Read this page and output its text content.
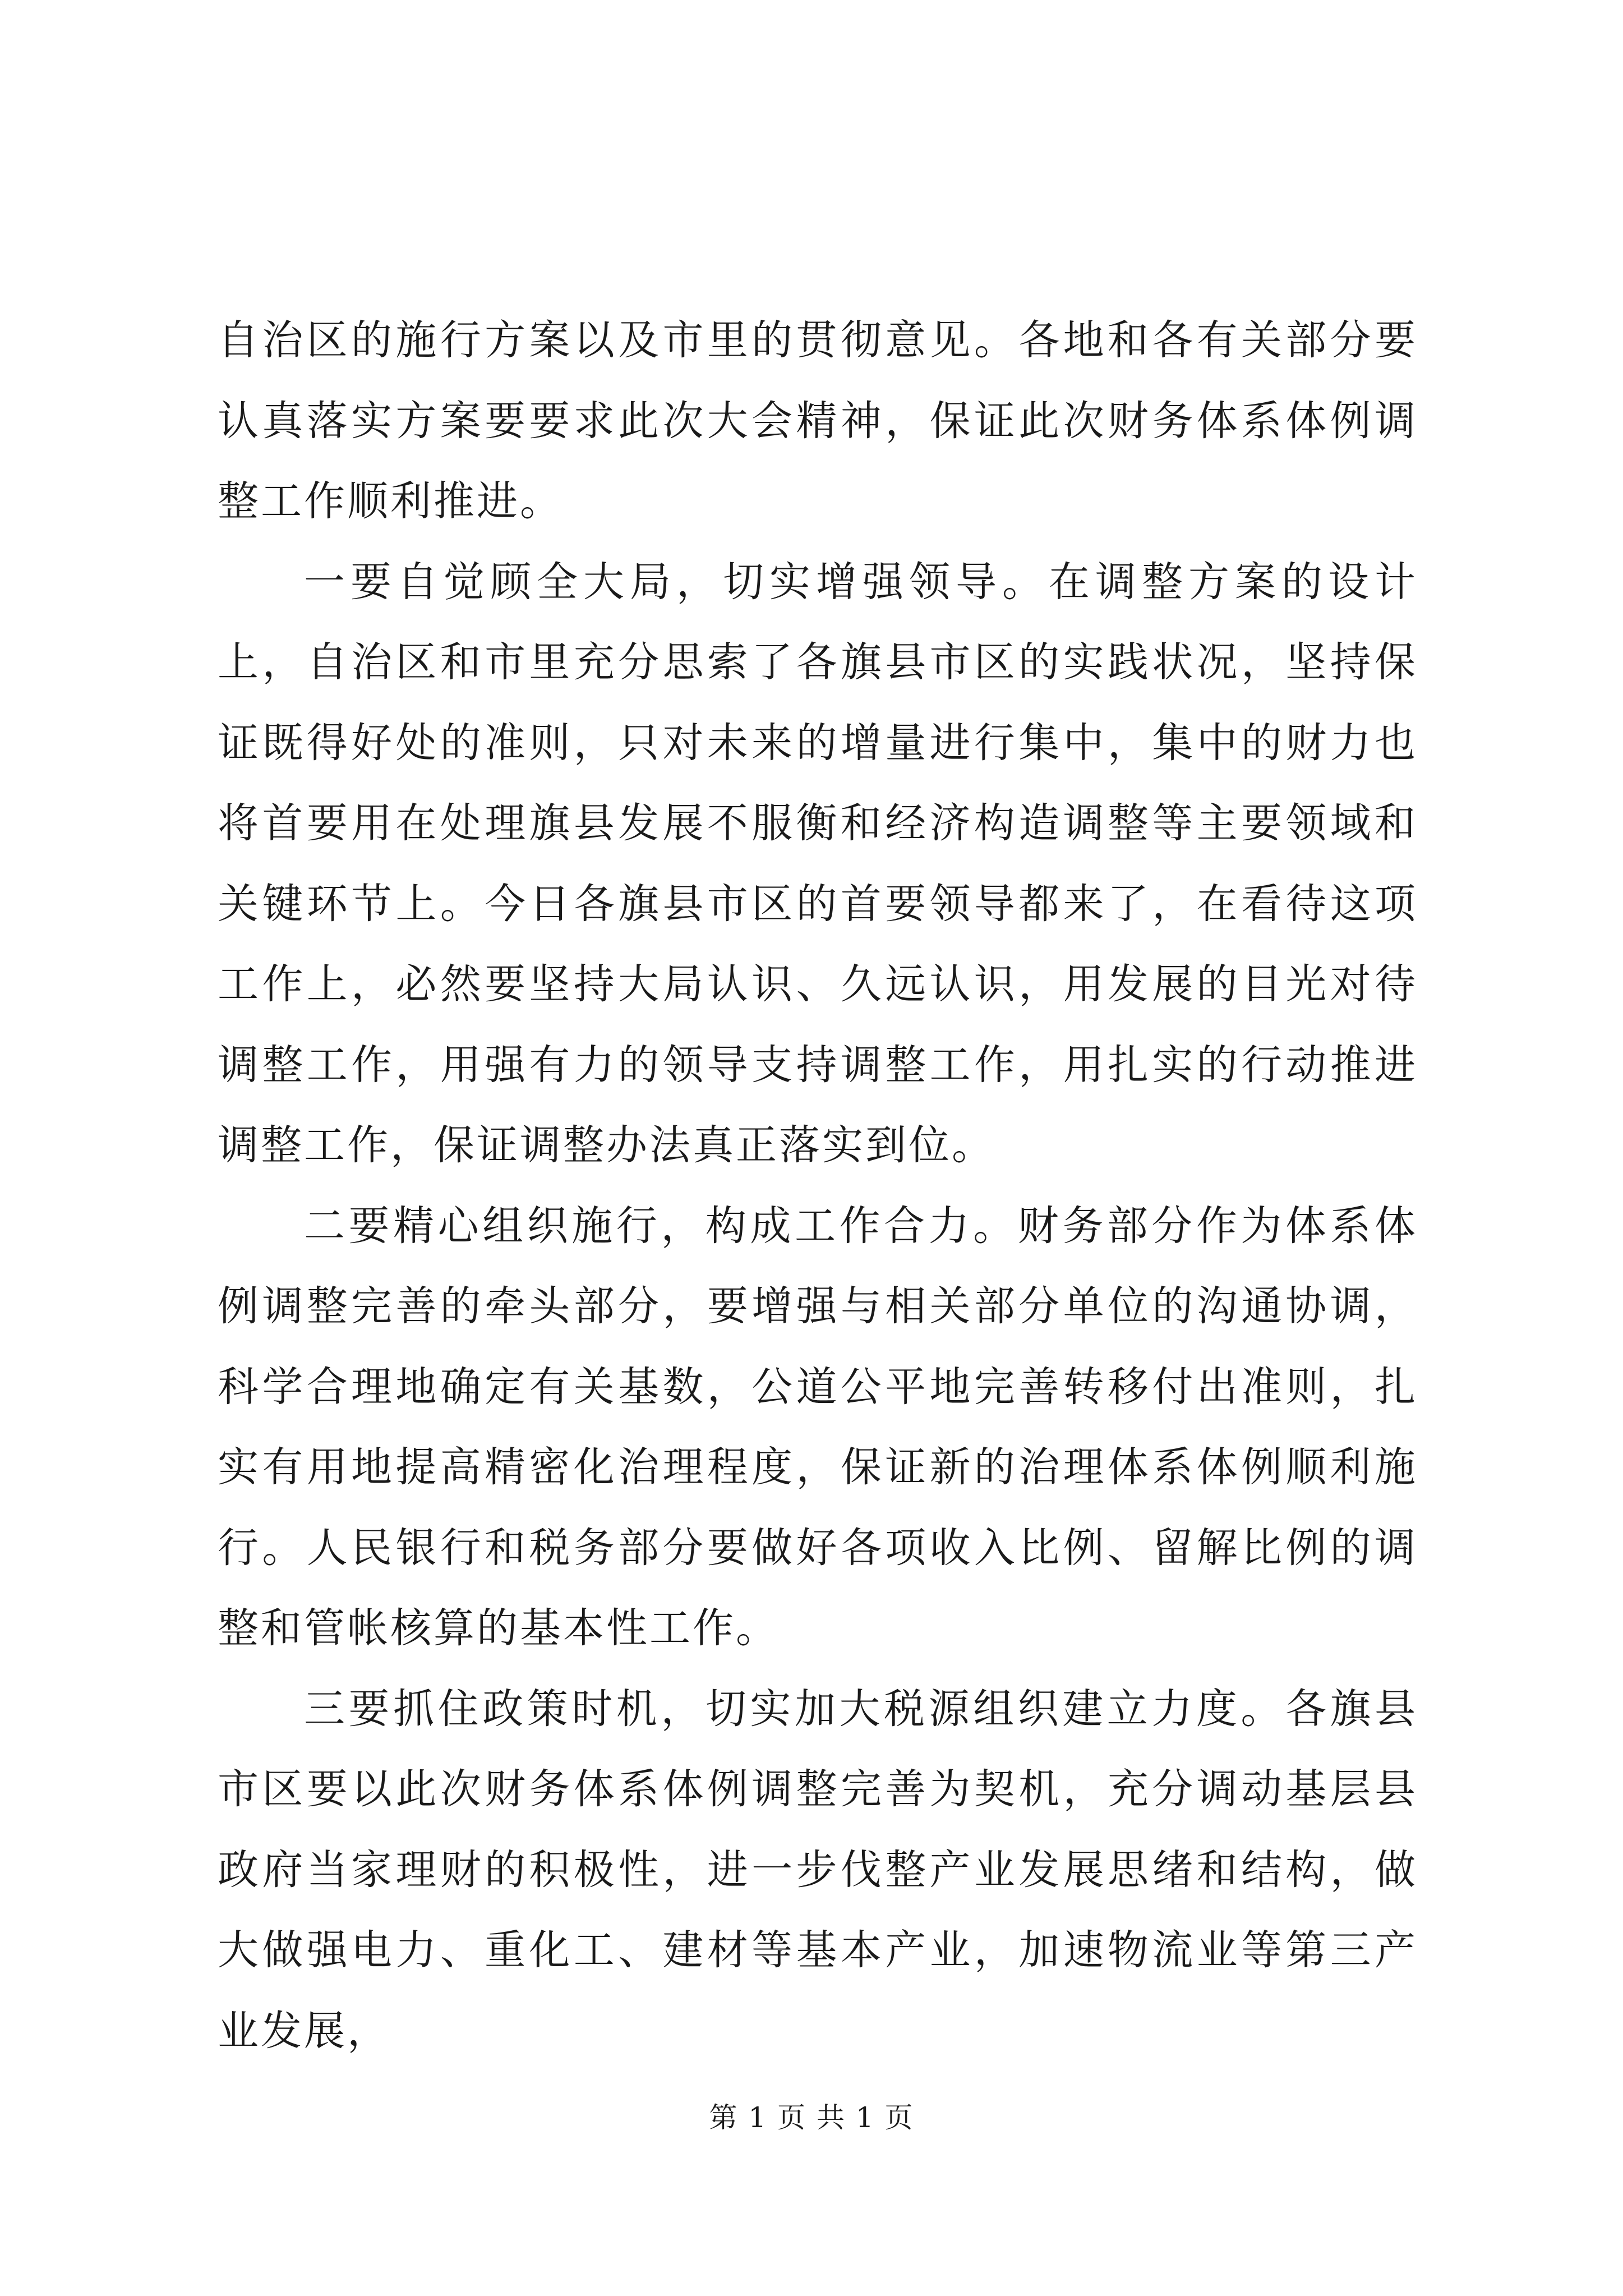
自治区的施行方案以及市里的贯彻意见。各地和各有关部分要认真落实方案要要求此次大会精神，保证此次财务体系体例调整工作顺利推进。

一要自觉顾全大局，切实增强领导。在调整方案的设计上，自治区和市里充分思索了各旗县市区的实践状况，坚持保证既得好处的准则，只对未来的增量进行集中，集中的财力也将首要用在处理旗县发展不服衡和经济构造调整等主要领域和关键环节上。今日各旗县市区的首要领导都来了，在看待这项工作上，必然要坚持大局认识、久远认识，用发展的目光对待调整工作，用强有力的领导支持调整工作，用扎实的行动推进调整工作，保证调整办法真正落实到位。

二要精心组织施行，构成工作合力。财务部分作为体系体例调整完善的牵头部分，要增强与相关部分单位的沟通协调，科学合理地确定有关基数，公道公平地完善转移付出准则，扎实有用地提高精密化治理程度，保证新的治理体系体例顺利施行。人民银行和税务部分要做好各项收入比例、留解比例的调整和管帐核算的基本性工作。

三要抓住政策时机，切实加大税源组织建立力度。各旗县市区要以此次财务体系体例调整完善为契机，充分调动基层县政府当家理财的积极性，进一步伐整产业发展思绪和结构，做大做强电力、重化工、建材等基本产业，加速物流业等第三产业发展，

第 1 页 共 1 页
